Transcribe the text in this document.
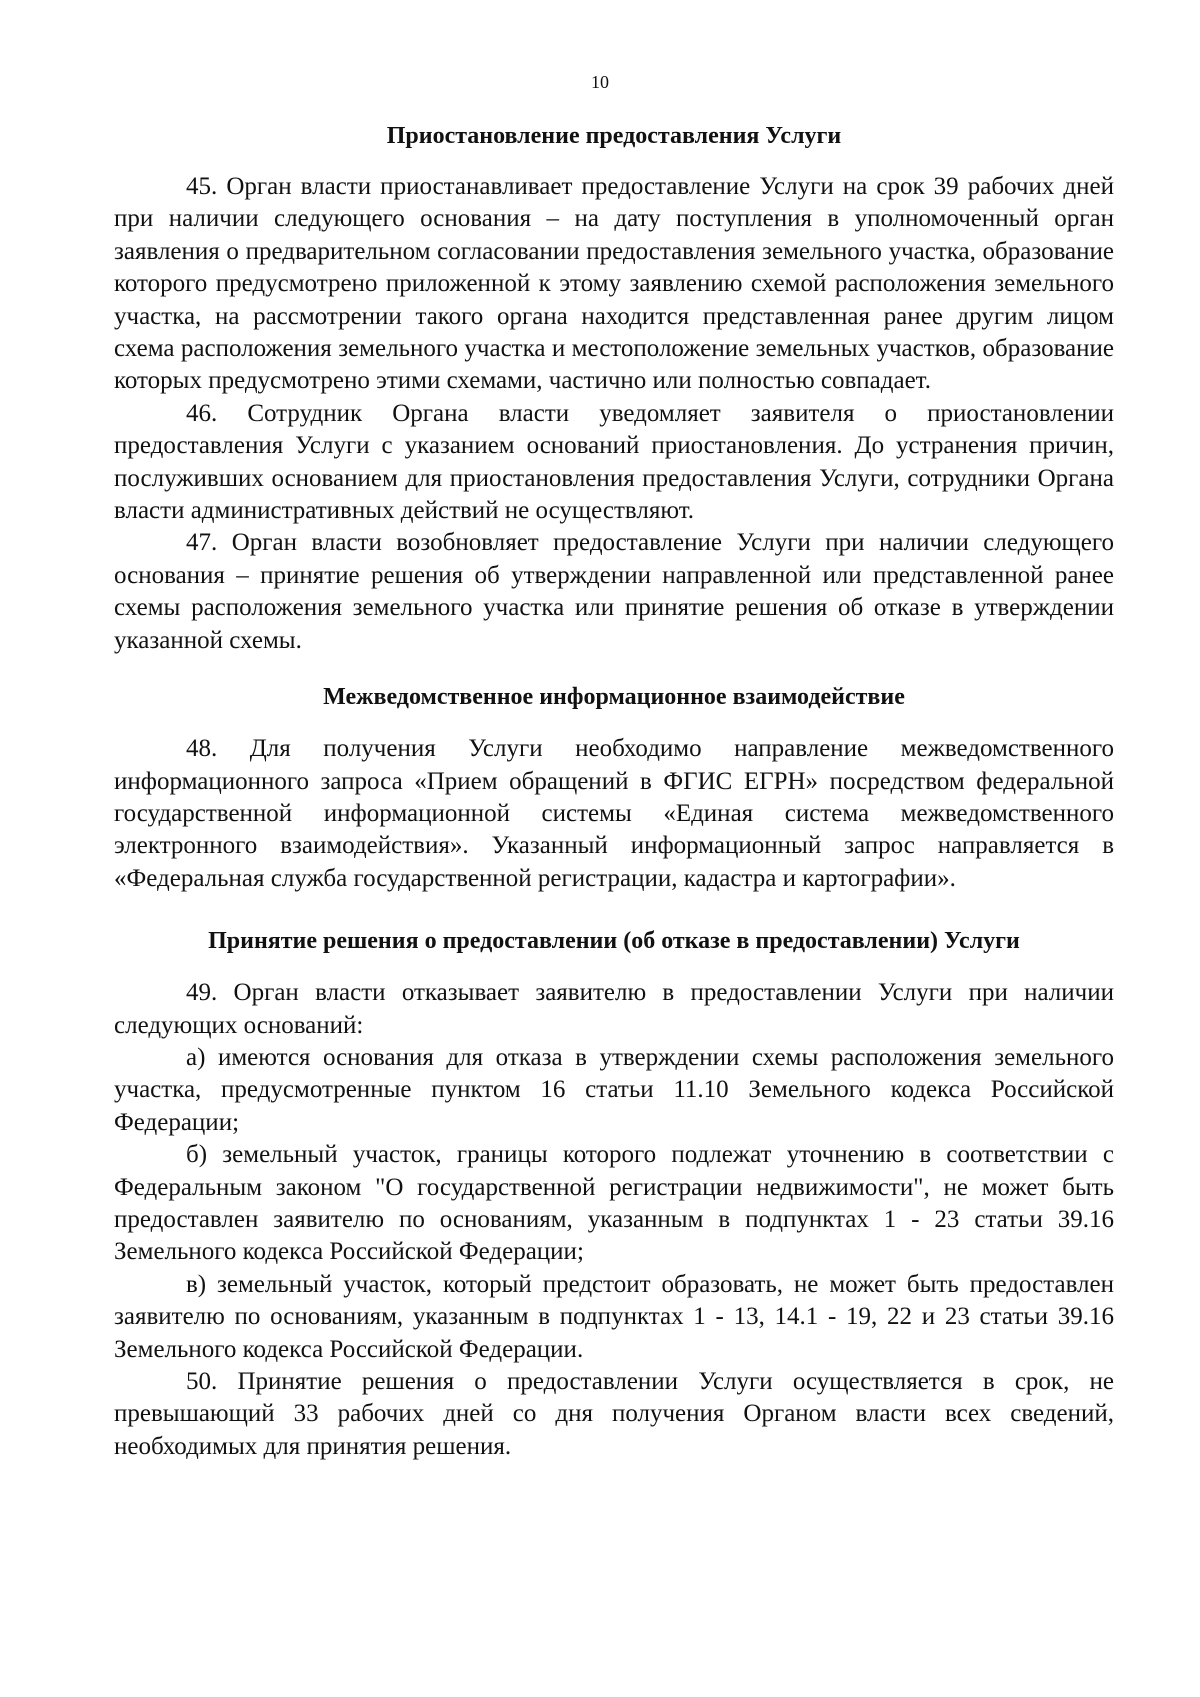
10
Приостановление предоставления Услуги

45. Орган власти приостанавливает предоставление Услуги на срок 39 рабочих дней при наличии следующего основания – на дату поступления в уполномоченный орган заявления о предварительном согласовании предоставления земельного участка, образование которого предусмотрено приложенной к этому заявлению схемой расположения земельного участка, на рассмотрении такого органа находится представленная ранее другим лицом схема расположения земельного участка и местоположение земельных участков, образование которых предусмотрено этими схемами, частично или полностью совпадает.

46. Сотрудник Органа власти уведомляет заявителя о приостановлении предоставления Услуги с указанием оснований приостановления. До устранения причин, послуживших основанием для приостановления предоставления Услуги, сотрудники Органа власти административных действий не осуществляют.

47. Орган власти возобновляет предоставление Услуги при наличии следующего основания – принятие решения об утверждении направленной или представленной ранее схемы расположения земельного участка или принятие решения об отказе в утверждении указанной схемы.

Межведомственное информационное взаимодействие

48. Для получения Услуги необходимо направление межведомственного информационного запроса «Прием обращений в ФГИС ЕГРН» посредством федеральной государственной информационной системы «Единая система межведомственного электронного взаимодействия». Указанный информационный запрос направляется в «Федеральная служба государственной регистрации, кадастра и картографии».

Принятие решения о предоставлении (об отказе в предоставлении) Услуги

49. Орган власти отказывает заявителю в предоставлении Услуги при наличии следующих оснований:

а) имеются основания для отказа в утверждении схемы расположения земельного участка, предусмотренные пунктом 16 статьи 11.10 Земельного кодекса Российской Федерации;

б) земельный участок, границы которого подлежат уточнению в соответствии с Федеральным законом "О государственной регистрации недвижимости", не может быть предоставлен заявителю по основаниям, указанным в подпунктах 1 - 23 статьи 39.16 Земельного кодекса Российской Федерации;

в) земельный участок, который предстоит образовать, не может быть предоставлен заявителю по основаниям, указанным в подпунктах 1 - 13, 14.1 - 19, 22 и 23 статьи 39.16 Земельного кодекса Российской Федерации.

50. Принятие решения о предоставлении Услуги осуществляется в срок, не превышающий 33 рабочих дней со дня получения Органом власти всех сведений, необходимых для принятия решения.
